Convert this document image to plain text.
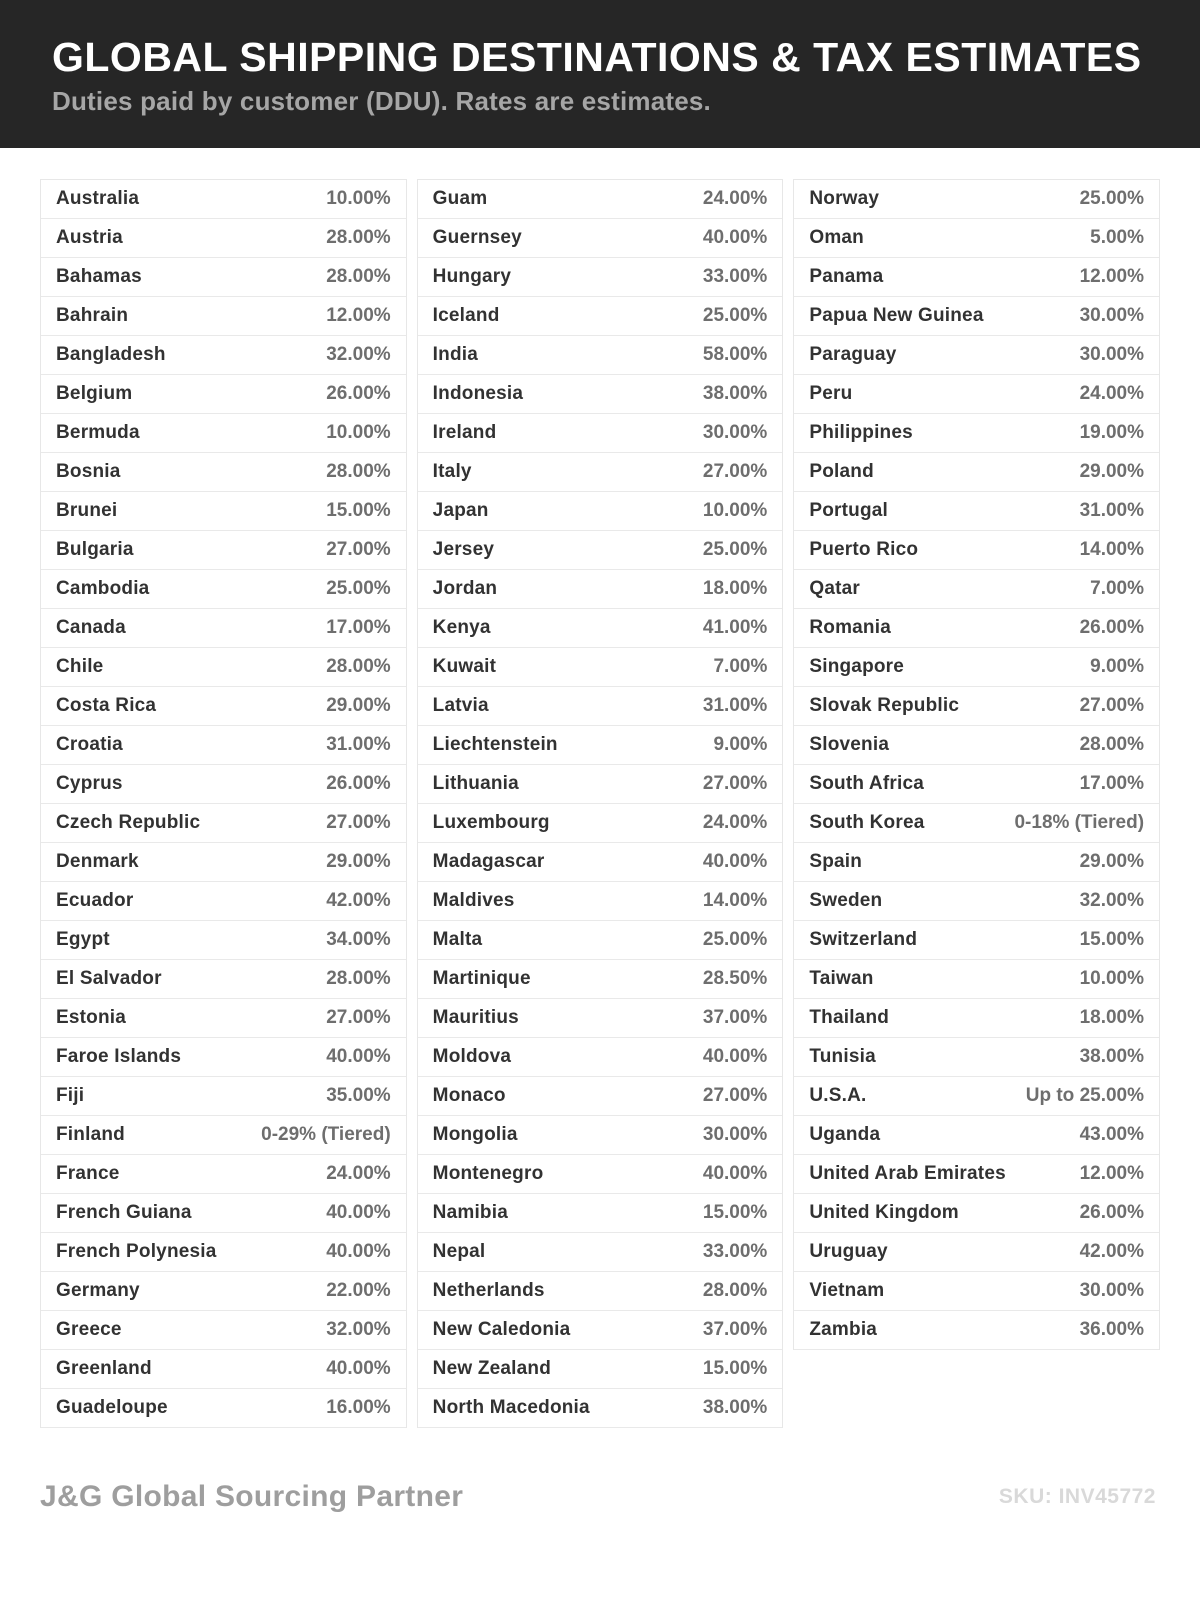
GLOBAL SHIPPING DESTINATIONS & TAX ESTIMATES

Duties paid by customer (DDU). Rates are estimates.

Australia	10.00%
Austria	28.00%
Bahamas	28.00%
Bahrain	12.00%
Bangladesh	32.00%
Belgium	26.00%
Bermuda	10.00%
Bosnia	28.00%
Brunei	15.00%
Bulgaria	27.00%
Cambodia	25.00%
Canada	17.00%
Chile	28.00%
Costa Rica	29.00%
Croatia	31.00%
Cyprus	26.00%
Czech Republic	27.00%
Denmark	29.00%
Ecuador	42.00%
Egypt	34.00%
El Salvador	28.00%
Estonia	27.00%
Faroe Islands	40.00%
Fiji	35.00%
Finland	0-29% (Tiered)
France	24.00%
French Guiana	40.00%
French Polynesia	40.00%
Germany	22.00%
Greece	32.00%
Greenland	40.00%
Guadeloupe	16.00%
Guam	24.00%
Guernsey	40.00%
Hungary	33.00%
Iceland	25.00%
India	58.00%
Indonesia	38.00%
Ireland	30.00%
Italy	27.00%
Japan	10.00%
Jersey	25.00%
Jordan	18.00%
Kenya	41.00%
Kuwait	7.00%
Latvia	31.00%
Liechtenstein	9.00%
Lithuania	27.00%
Luxembourg	24.00%
Madagascar	40.00%
Maldives	14.00%
Malta	25.00%
Martinique	28.50%
Mauritius	37.00%
Moldova	40.00%
Monaco	27.00%
Mongolia	30.00%
Montenegro	40.00%
Namibia	15.00%
Nepal	33.00%
Netherlands	28.00%
New Caledonia	37.00%
New Zealand	15.00%
North Macedonia	38.00%
Norway	25.00%
Oman	5.00%
Panama	12.00%
Papua New Guinea	30.00%
Paraguay	30.00%
Peru	24.00%
Philippines	19.00%
Poland	29.00%
Portugal	31.00%
Puerto Rico	14.00%
Qatar	7.00%
Romania	26.00%
Singapore	9.00%
Slovak Republic	27.00%
Slovenia	28.00%
South Africa	17.00%
South Korea	0-18% (Tiered)
Spain	29.00%
Sweden	32.00%
Switzerland	15.00%
Taiwan	10.00%
Thailand	18.00%
Tunisia	38.00%
U.S.A.	Up to 25.00%
Uganda	43.00%
United Arab Emirates	12.00%
United Kingdom	26.00%
Uruguay	42.00%
Vietnam	30.00%
Zambia	36.00%
J&G Global Sourcing Partner	SKU: INV45772
